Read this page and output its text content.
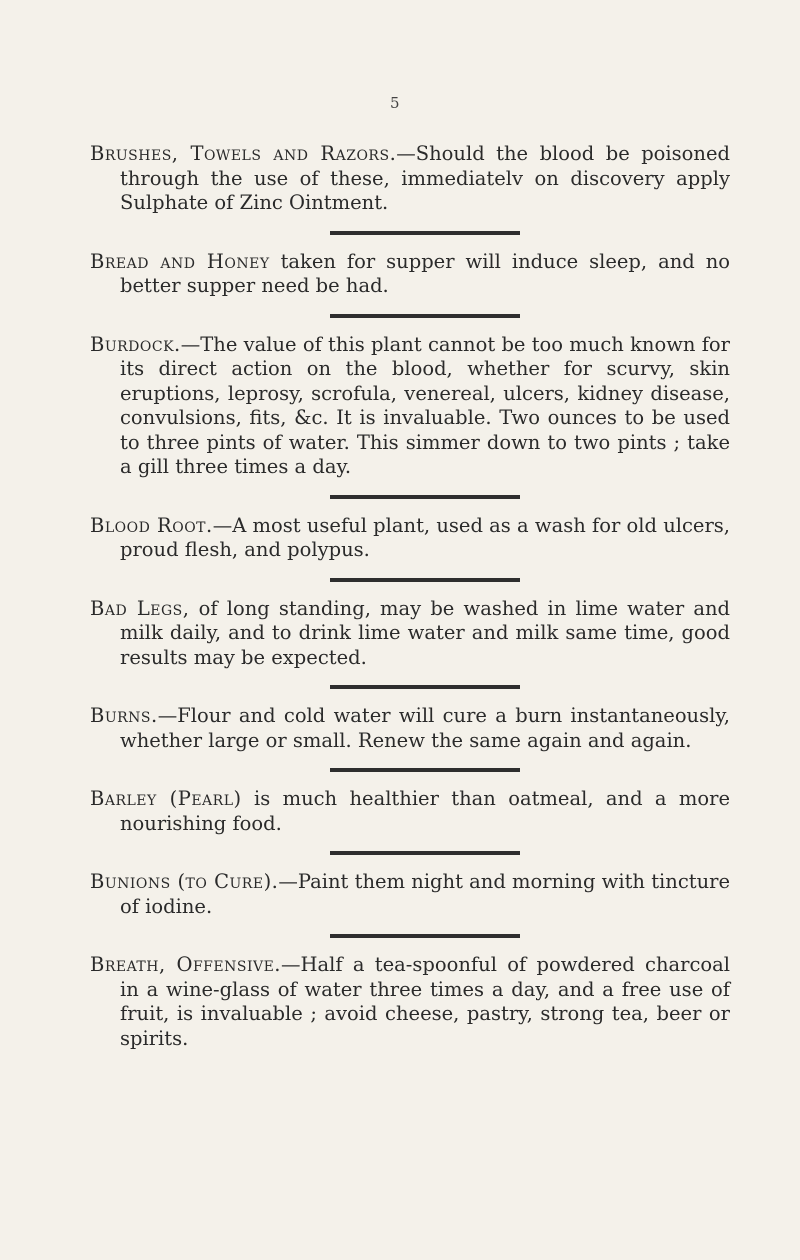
5

Brushes, Towels and Razors.—Should the blood be poisoned through the use of these, immediatelv on discovery apply Sulphate of Zinc Ointment.

Bread and Honey taken for supper will induce sleep, and no better supper need be had.

Burdock.—The value of this plant cannot be too much known for its direct action on the blood, whether for scurvy, skin eruptions, leprosy, scrofula, venereal, ulcers, kidney disease, convulsions, fits, &c. It is invaluable. Two ounces to be used to three pints of water. This simmer down to two pints ; take a gill three times a day.

Blood Root.—A most useful plant, used as a wash for old ulcers, proud flesh, and polypus.

Bad Legs, of long standing, may be washed in lime water and milk daily, and to drink lime water and milk same time, good results may be expected.

Burns.—Flour and cold water will cure a burn instantaneously, whether large or small. Renew the same again and again.

Barley (Pearl) is much healthier than oatmeal, and a more nourishing food.

Bunions (to Cure).—Paint them night and morning with tincture of iodine.

Breath, Offensive.—Half a tea-spoonful of powdered charcoal in a wine-glass of water three times a day, and a free use of fruit, is invaluable ; avoid cheese, pastry, strong tea, beer or spirits.
